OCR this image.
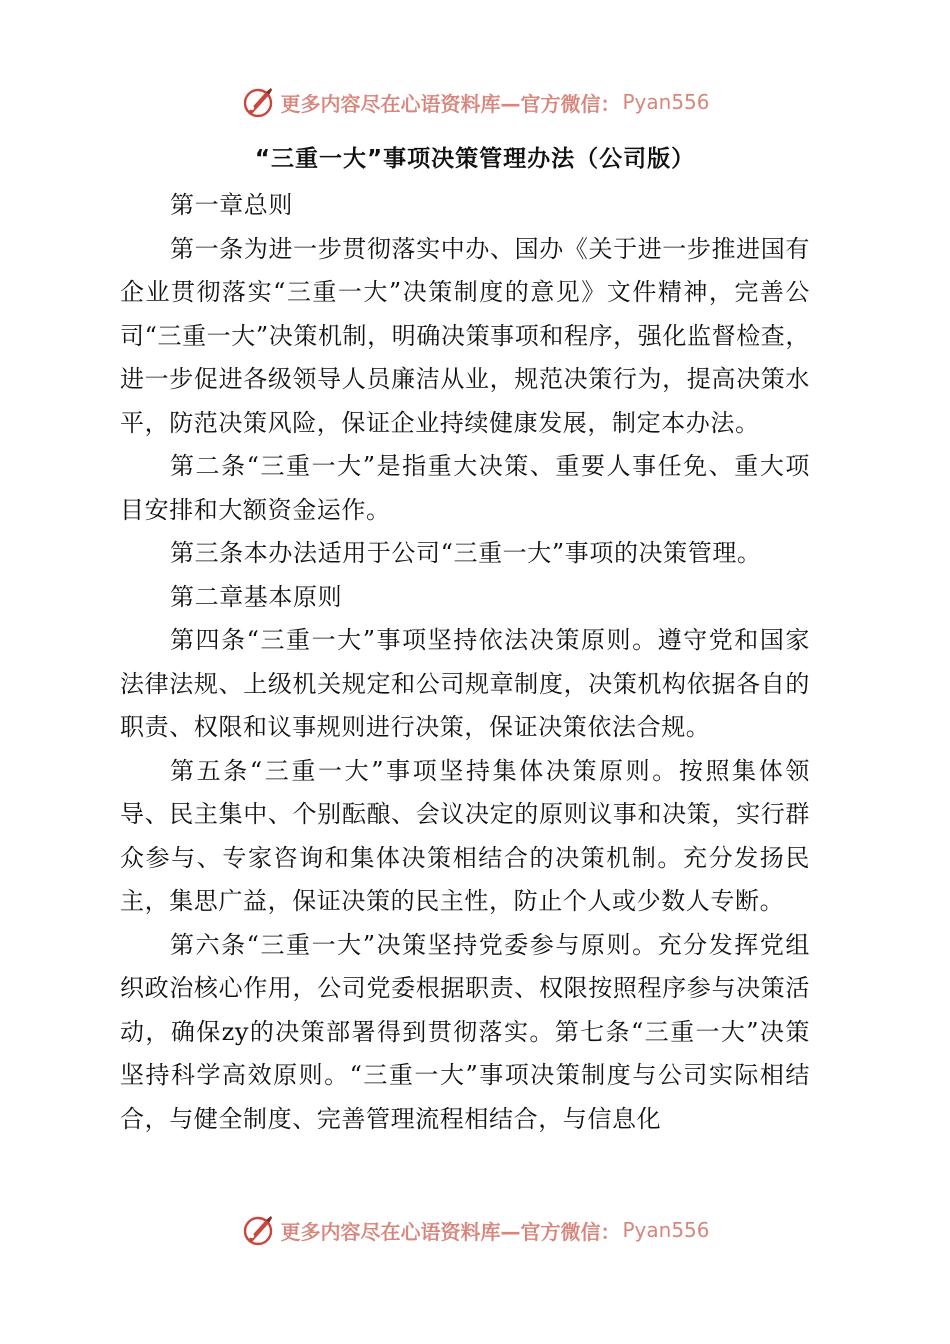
更多内容尽在心语资料库—官方微信： Pyan556
“三重一大”事项决策管理办法（公司版）

第一章总则

第一条为进一步贯彻落实中办、国办《关于进一步推进国有企业贯彻落实“三重一大”决策制度的意见》文件精神，完善公司“三重一大”决策机制，明确决策事项和程序，强化监督检查，进一步促进各级领导人员廉洁从业，规范决策行为，提高决策水平，防范决策风险，保证企业持续健康发展，制定本办法。

第二条“三重一大”是指重大决策、重要人事任免、重大项目安排和大额资金运作。

第三条本办法适用于公司“三重一大”事项的决策管理。

第二章基本原则

第四条“三重一大”事项坚持依法决策原则。遵守党和国家法律法规、上级机关规定和公司规章制度，决策机构依据各自的职责、权限和议事规则进行决策，保证决策依法合规。

第五条“三重一大”事项坚持集体决策原则。按照集体领导、民主集中、个别酝酿、会议决定的原则议事和决策，实行群众参与、专家咨询和集体决策相结合的决策机制。充分发扬民主，集思广益，保证决策的民主性，防止个人或少数人专断。

第六条“三重一大”决策坚持党委参与原则。充分发挥党组织政治核心作用，公司党委根据职责、权限按照程序参与决策活动，确保zy的决策部署得到贯彻落实。第七条“三重一大”决策坚持科学高效原则。“三重一大”事项决策制度与公司实际相结合，与健全制度、完善管理流程相结合，与信息化

更多内容尽在心语资料库—官方微信： Pyan556
